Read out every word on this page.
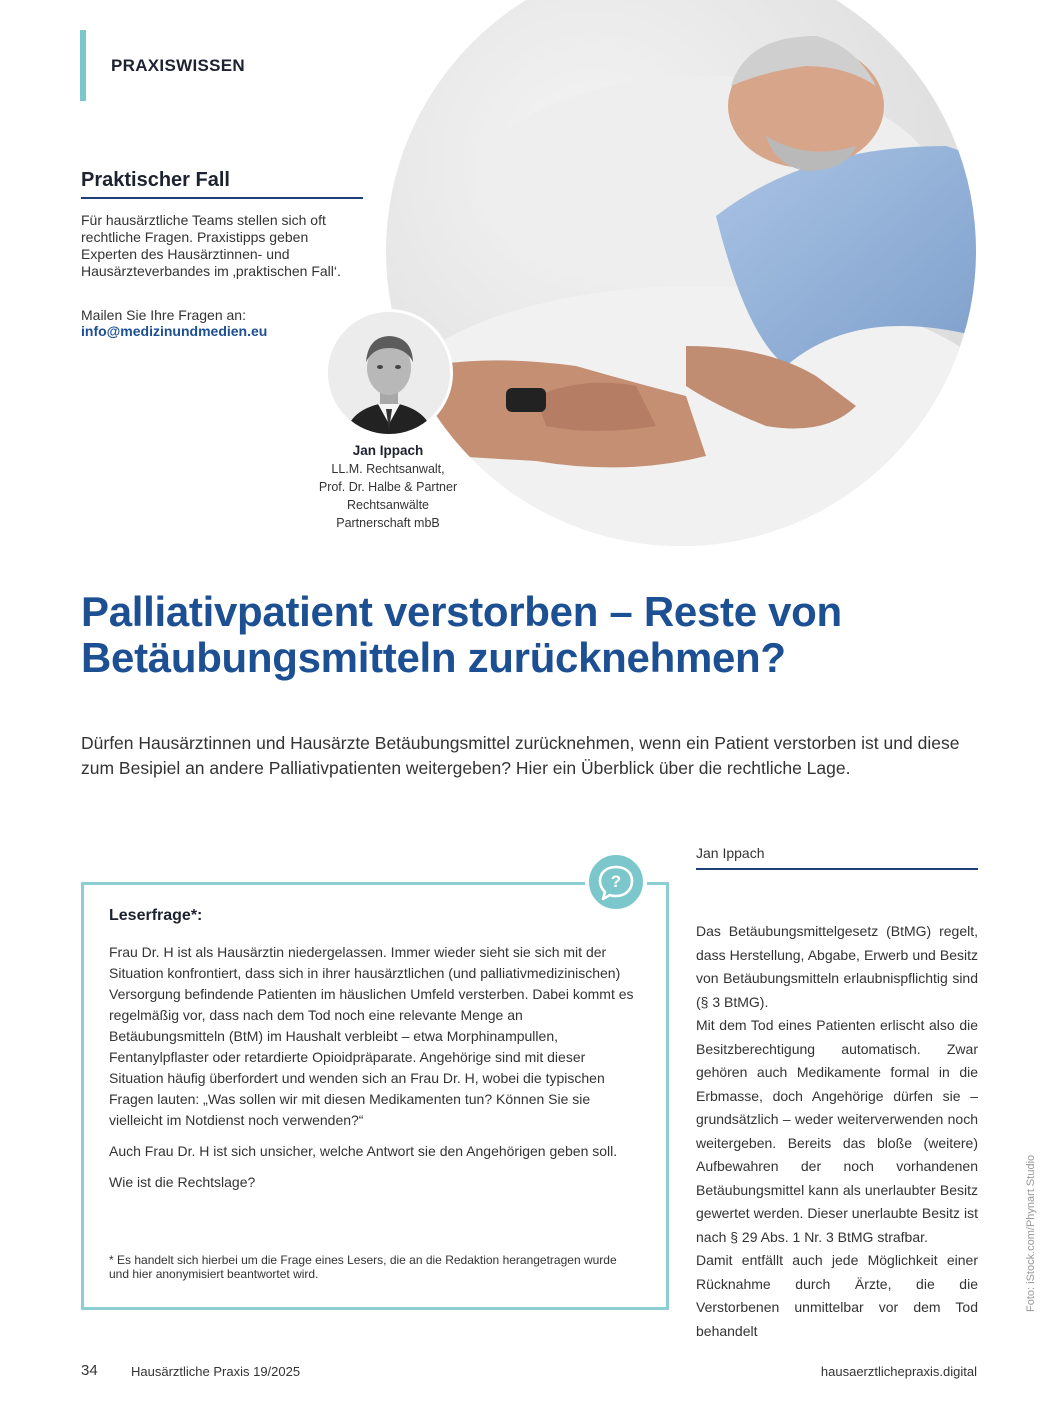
PRAXISWISSEN
Praktischer Fall
Für hausärztliche Teams stellen sich oft rechtliche Fragen. Praxistipps geben Experten des Hausärztinnen- und Hausärzteverbandes im ‚praktischen Fall‘.
Mailen Sie Ihre Fragen an:
info@medizinundmedien.eu
Jan Ippach
LL.M. Rechtsanwalt,
Prof. Dr. Halbe & Partner
Rechtsanwälte
Partnerschaft mbB
Palliativpatient verstorben – Reste von Betäubungsmitteln zurücknehmen?
Dürfen Hausärztinnen und Hausärzte Betäubungsmittel zurücknehmen, wenn ein Patient verstorben ist und diese zum Besipiel an andere Palliativpatienten weitergeben? Hier ein Überblick über die rechtliche Lage.
?
Leserfrage*:

Frau Dr. H ist als Hausärztin niedergelassen. Immer wieder sieht sie sich mit der Situation konfrontiert, dass sich in ihrer hausärztlichen (und palliativmedizinischen) Versorgung befindende Patienten im häuslichen Umfeld versterben. Dabei kommt es regelmäßig vor, dass nach dem Tod noch eine relevante Menge an Betäubungsmitteln (BtM) im Haushalt verbleibt – etwa Morphinampullen, Fentanylpflaster oder retardierte Opioidpräparate. Angehörige sind mit dieser Situation häufig überfordert und wenden sich an Frau Dr. H, wobei die typischen Fragen lauten: „Was sollen wir mit diesen Medikamenten tun? Können Sie sie vielleicht im Notdienst noch verwenden?“

Auch Frau Dr. H ist sich unsicher, welche Antwort sie den Angehörigen geben soll.

Wie ist die Rechtslage?

* Es handelt sich hierbei um die Frage eines Lesers, die an die Redaktion herangetragen wurde und hier anonymisiert beantwortet wird.
Jan Ippach

Das Betäubungsmittelgesetz (BtMG) regelt, dass Herstellung, Abgabe, Erwerb und Besitz von Betäubungsmitteln erlaubnispflichtig sind (§ 3 BtMG).

Mit dem Tod eines Patienten erlischt also die Besitzberechtigung automatisch. Zwar gehören auch Medikamente formal in die Erbmasse, doch Angehörige dürfen sie – grundsätzlich – weder weiterverwenden noch weitergeben. Bereits das bloße (weitere) Aufbewahren der noch vorhandenen Betäubungsmittel kann als unerlaubter Besitz gewertet werden. Dieser unerlaubte Besitz ist nach § 29 Abs. 1 Nr. 3 BtMG strafbar.

Damit entfällt auch jede Möglichkeit einer Rücknahme durch Ärzte, die die Verstorbenen unmittelbar vor dem Tod behandelt

Foto: iStock.com/Phynart Studio
34	Hausärztliche Praxis 19/2025	hausaerztlichepraxis.digital
